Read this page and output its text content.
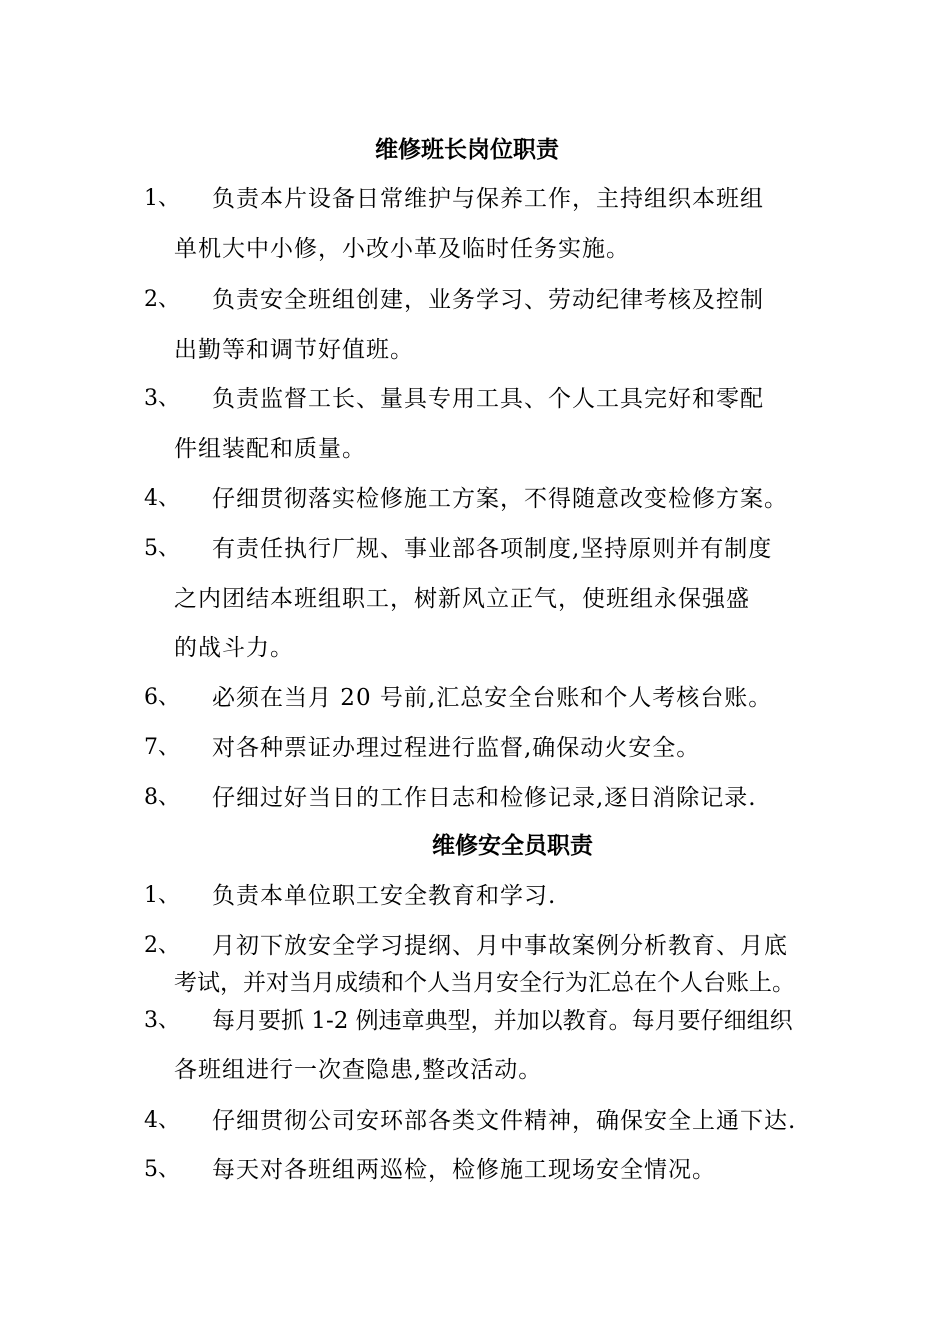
维修班长岗位职责
1、 负责本片设备日常维护与保养工作，主持组织本班组
单机大中小修，小改小革及临时任务实施。
2、 负责安全班组创建，业务学习、劳动纪律考核及控制
出勤等和调节好值班。
3、 负责监督工长、量具专用工具、个人工具完好和零配
件组装配和质量。
4、 仔细贯彻落实检修施工方案，不得随意改变检修方案。
5、 有责任执行厂规、事业部各项制度,坚持原则并有制度
之内团结本班组职工，树新风立正气，使班组永保强盛
的战斗力。
6、 必须在当月 20 号前,汇总安全台账和个人考核台账。
7、 对各种票证办理过程进行监督,确保动火安全。
8、 仔细过好当日的工作日志和检修记录,逐日消除记录.
维修安全员职责
1、 负责本单位职工安全教育和学习.
2、 月初下放安全学习提纲、月中事故案例分析教育、月底
考试，并对当月成绩和个人当月安全行为汇总在个人台账上。
3、 每月要抓 1-2 例违章典型，并加以教育。每月要仔细组织
各班组进行一次查隐患,整改活动。
4、 仔细贯彻公司安环部各类文件精神，确保安全上通下达.
5、 每天对各班组两巡检，检修施工现场安全情况。
